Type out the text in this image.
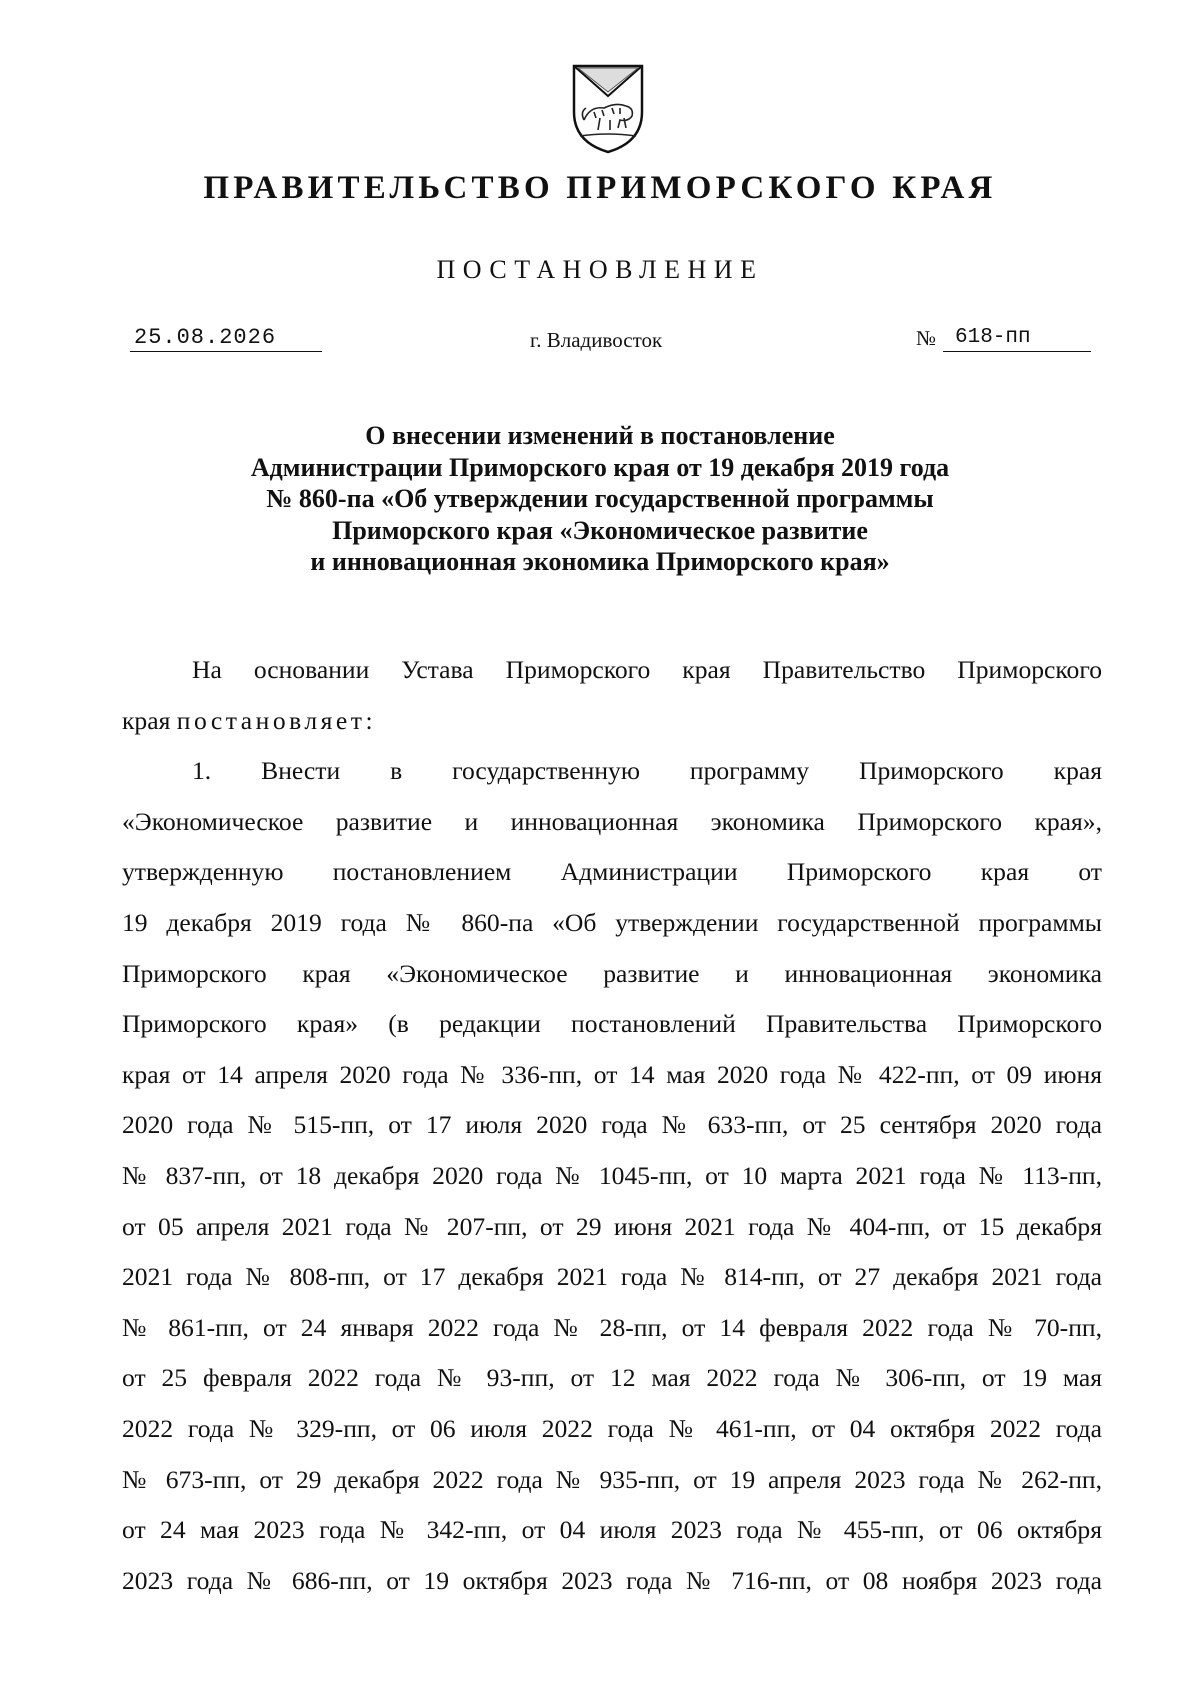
ПРАВИТЕЛЬСТВО ПРИМОРСКОГО КРАЯ
ПОСТАНОВЛЕНИЕ
25.08.2026	г. Владивосток	№ 618-пп
О внесении изменений в постановление
Администрации Приморского края от 19 декабря 2019 года
№ 860-па «Об утверждении государственной программы
Приморского края «Экономическое развитие
и инновационная экономика Приморского края»
На основании Устава Приморского края Правительство Приморского
края постановляет:
1. Внести в государственную программу Приморского края
«Экономическое развитие и инновационная экономика Приморского края»,
утвержденную постановлением Администрации Приморского края от
19 декабря 2019 года № 860-па «Об утверждении государственной программы
Приморского края «Экономическое развитие и инновационная экономика
Приморского края» (в редакции постановлений Правительства Приморского
края от 14 апреля 2020 года № 336-пп, от 14 мая 2020 года № 422-пп, от 09 июня
2020 года № 515-пп, от 17 июля 2020 года № 633-пп, от 25 сентября 2020 года
№ 837-пп, от 18 декабря 2020 года № 1045-пп, от 10 марта 2021 года № 113-пп,
от 05 апреля 2021 года № 207-пп, от 29 июня 2021 года № 404-пп, от 15 декабря
2021 года № 808-пп, от 17 декабря 2021 года № 814-пп, от 27 декабря 2021 года
№ 861-пп, от 24 января 2022 года № 28-пп, от 14 февраля 2022 года № 70-пп,
от 25 февраля 2022 года № 93-пп, от 12 мая 2022 года № 306-пп, от 19 мая
2022 года № 329-пп, от 06 июля 2022 года № 461-пп, от 04 октября 2022 года
№ 673-пп, от 29 декабря 2022 года № 935-пп, от 19 апреля 2023 года № 262-пп,
от 24 мая 2023 года № 342-пп, от 04 июля 2023 года № 455-пп, от 06 октября
2023 года № 686-пп, от 19 октября 2023 года № 716-пп, от 08 ноября 2023 года
